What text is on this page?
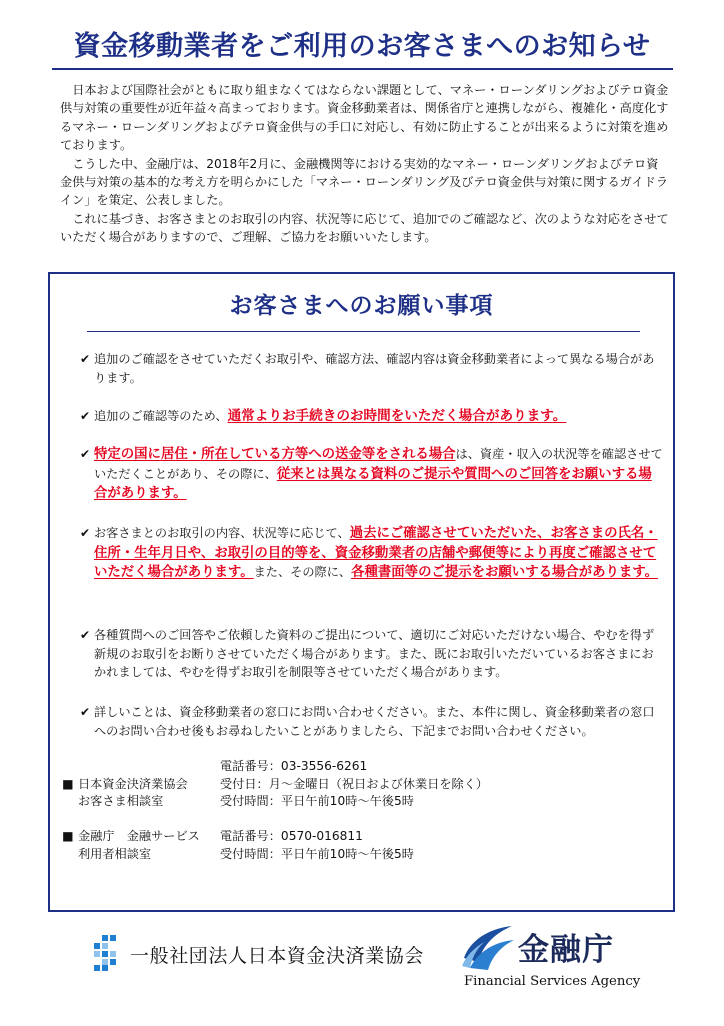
資金移動業者をご利用のお客さまへのお知らせ

日本および国際社会がともに取り組まなくてはならない課題として、マネー・ローンダリングおよびテロ資金供与対策の重要性が近年益々高まっております。資金移動業者は、関係省庁と連携しながら、複雑化・高度化するマネー・ローンダリングおよびテロ資金供与の手口に対応し、有効に防止することが出来るように対策を進めております。

こうした中、金融庁は、2018年2月に、金融機関等における実効的なマネー・ローンダリングおよびテロ資金供与対策の基本的な考え方を明らかにした「マネー・ローンダリング及びテロ資金供与対策に関するガイドライン」を策定、公表しました。

これに基づき、お客さまとのお取引の内容、状況等に応じて、追加でのご確認など、次のような対応をさせていただく場合がありますので、ご理解、ご協力をお願いいたします。

お客さまへのお願い事項
✔ 追加のご確認をさせていただくお取引や、確認方法、確認内容は資金移動業者によって異なる場合があります。
✔ 追加のご確認等のため、通常よりお手続きのお時間をいただく場合があります。
✔ 特定の国に居住・所在している方等への送金等をされる場合は、資産・収入の状況等を確認させていただくことがあり、その際に、従来とは異なる資料のご提示や質問へのご回答をお願いする場合があります。
✔ お客さまとのお取引の内容、状況等に応じて、過去にご確認させていただいた、お客さまの氏名・住所・生年月日や、お取引の目的等を、資金移動業者の店舗や郵便等により再度ご確認させていただく場合があります。また、その際に、各種書面等のご提示をお願いする場合があります。
✔ 各種質問へのご回答やご依頼した資料のご提出について、適切にご対応いただけない場合、やむを得ず新規のお取引をお断りさせていただく場合があります。また、既にお取引いただいているお客さまにおかれましては、やむを得ずお取引を制限等させていただく場合があります。
✔ 詳しいことは、資金移動業者の窓口にお問い合わせください。また、本件に関し、資金移動業者の窓口へのお問い合わせ後もお尋ねしたいことがありましたら、下記までお問い合わせください。
電話番号：03-3556-6261
■ 日本資金決済業協会	受付日：月～金曜日（祝日および休業日を除く）
お客さま相談室	受付時間：平日午前10時～午後5時
■ 金融庁　金融サービス 電話番号：0570-016811
利用者相談室	受付時間：平日午前10時～午後5時
一般社団法人日本資金決済業協会	金融庁
Financial Services Agency
